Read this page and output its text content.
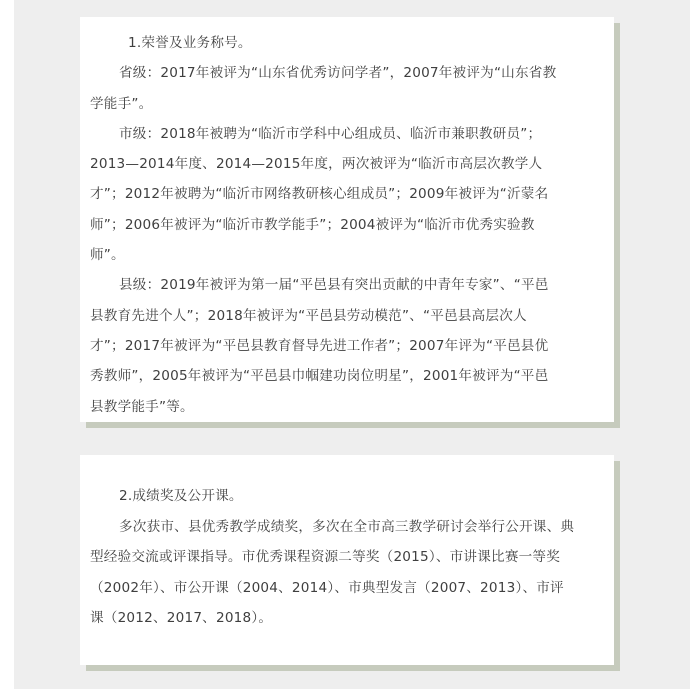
1.荣誉及业务称号。

省级：2017年被评为“山东省优秀访问学者”，2007年被评为“山东省教

学能手”。

市级：2018年被聘为“临沂市学科中心组成员、临沂市兼职教研员”；

2013—2014年度、2014—2015年度，两次被评为“临沂市高层次教学人

才”；2012年被聘为“临沂市网络教研核心组成员”；2009年被评为“沂蒙名

师”；2006年被评为“临沂市教学能手”；2004被评为“临沂市优秀实验教

师”。

县级：2019年被评为第一届“平邑县有突出贡献的中青年专家”、“平邑

县教育先进个人”；2018年被评为“平邑县劳动模范”、“平邑县高层次人

才”；2017年被评为“平邑县教育督导先进工作者”；2007年评为“平邑县优

秀教师”，2005年被评为“平邑县巾帼建功岗位明星”，2001年被评为“平邑

县教学能手”等。

2.成绩奖及公开课。

多次获市、县优秀教学成绩奖，多次在全市高三教学研讨会举行公开课、典

型经验交流或评课指导。市优秀课程资源二等奖（2015）、市讲课比赛一等奖

（2002年）、市公开课（2004、2014）、市典型发言（2007、2013）、市评

课（2012、2017、2018）。
